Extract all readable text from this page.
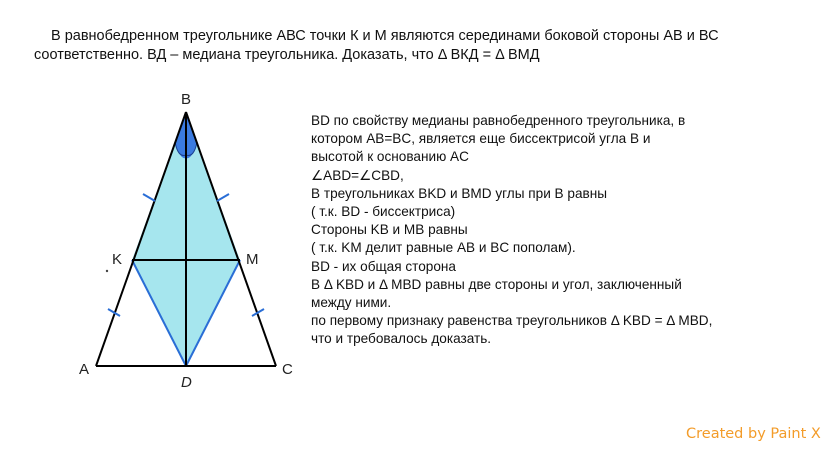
В равнобедренном треугольнике АВС точки К и М являются серединами боковой стороны АВ и ВС
соответственно. ВД – медиана треугольника. Доказать, что Δ ВКД = Δ ВМД
B
K	M
A	C
D
BD по свойству медианы равнобедренного треугольника, в
котором AB=BC, является еще биссектрисой угла B и
высотой к основанию AC
∠ABD=∠CBD,
В треугольниках BKD и BMD углы при B равны
( т.к. BD - биссектриса)
Стороны KB и MB равны
( т.к. KM делит равные AB и BC пополам).
BD - их общая сторона
В Δ KBD и Δ MBD равны две стороны и угол, заключенный
между ними.
по первому признаку равенства треугольников Δ KBD = Δ MBD,
что и требовалось доказать.
Created by Paint X
